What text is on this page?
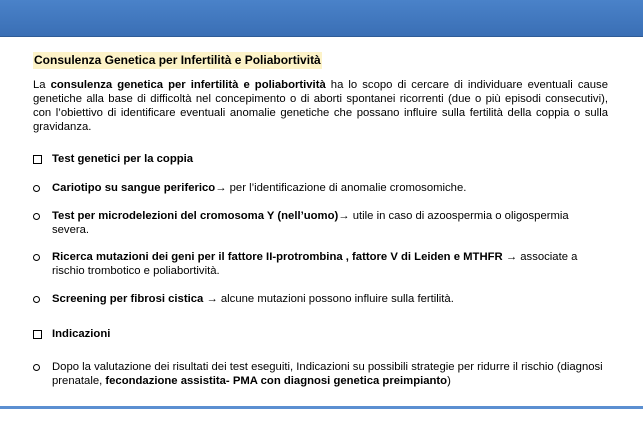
Consulenza Genetica per Infertilità e Poliabortività

La consulenza genetica per infertilità e poliabortività ha lo scopo di cercare di individuare eventuali cause genetiche alla base di difficoltà nel concepimento o di aborti spontanei ricorrenti (due o più episodi consecutivi), con l’obiettivo di identificare eventuali anomalie genetiche che possano influire sulla fertilità della coppia o sulla gravidanza.

Test genetici per la coppia
Cariotipo su sangue periferico→ per l’identificazione di anomalie cromosomiche.
Test per microdelezioni del cromosoma Y (nell’uomo)→ utile in caso di azoospermia o oligospermia severa.
Ricerca mutazioni dei geni per il fattore II-protrombina , fattore V di Leiden e MTHFR → associate a rischio trombotico e poliabortività.
Screening per fibrosi cistica → alcune mutazioni possono influire sulla fertilità.
Indicazioni
Dopo la valutazione dei risultati dei test eseguiti, Indicazioni su possibili strategie per ridurre il rischio (diagnosi prenatale, fecondazione assistita- PMA con diagnosi genetica preimpianto)
